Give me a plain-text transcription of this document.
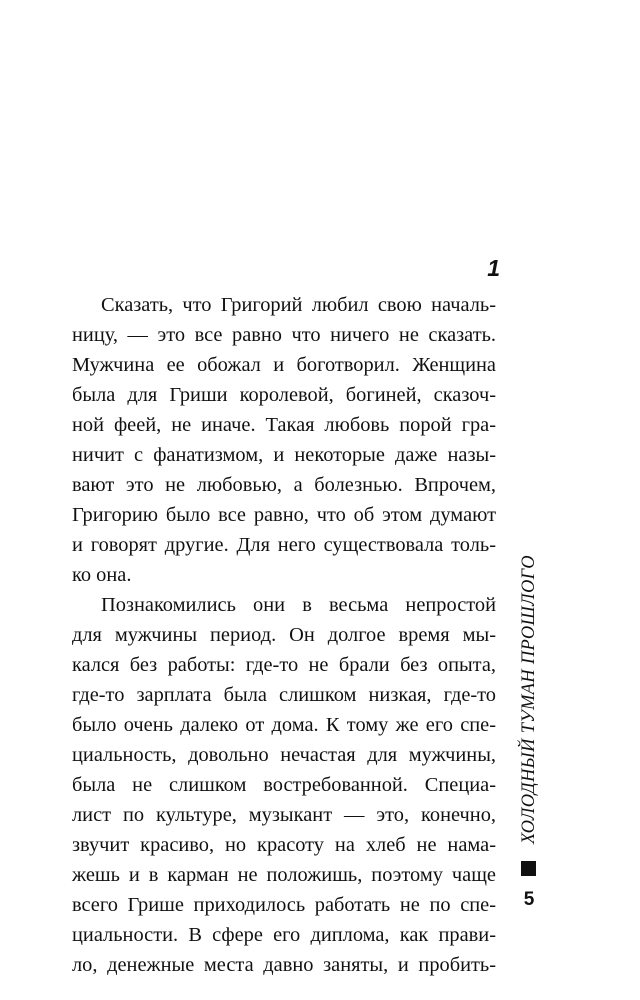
1
Сказать, что Григорий любил свою началь-
ницу, — это все равно что ничего не сказать.
Мужчина ее обожал и боготворил. Женщина
была для Гриши королевой, богиней, сказоч-
ной феей, не иначе. Такая любовь порой гра-
ничит с фанатизмом, и некоторые даже назы-
вают это не любовью, а болезнью. Впрочем,
Григорию было все равно, что об этом думают
и говорят другие. Для него существовала толь-
ко она.
Познакомились они в весьма непростой
для мужчины период. Он долгое время мы-
кался без работы: где-то не брали без опыта,
где-то зарплата была слишком низкая, где-то
было очень далеко от дома. К тому же его спе-
циальность, довольно нечастая для мужчины,
была не слишком востребованной. Специа-
лист по культуре, музыкант — это, конечно,
звучит красиво, но красоту на хлеб не нама-
жешь и в карман не положишь, поэтому чаще
всего Грише приходилось работать не по спе-
циальности. В сфере его диплома, как прави-
ло, денежные места давно заняты, и пробить-
ХОЛОДНЫЙ ТУМАН ПРОШЛОГО
5
